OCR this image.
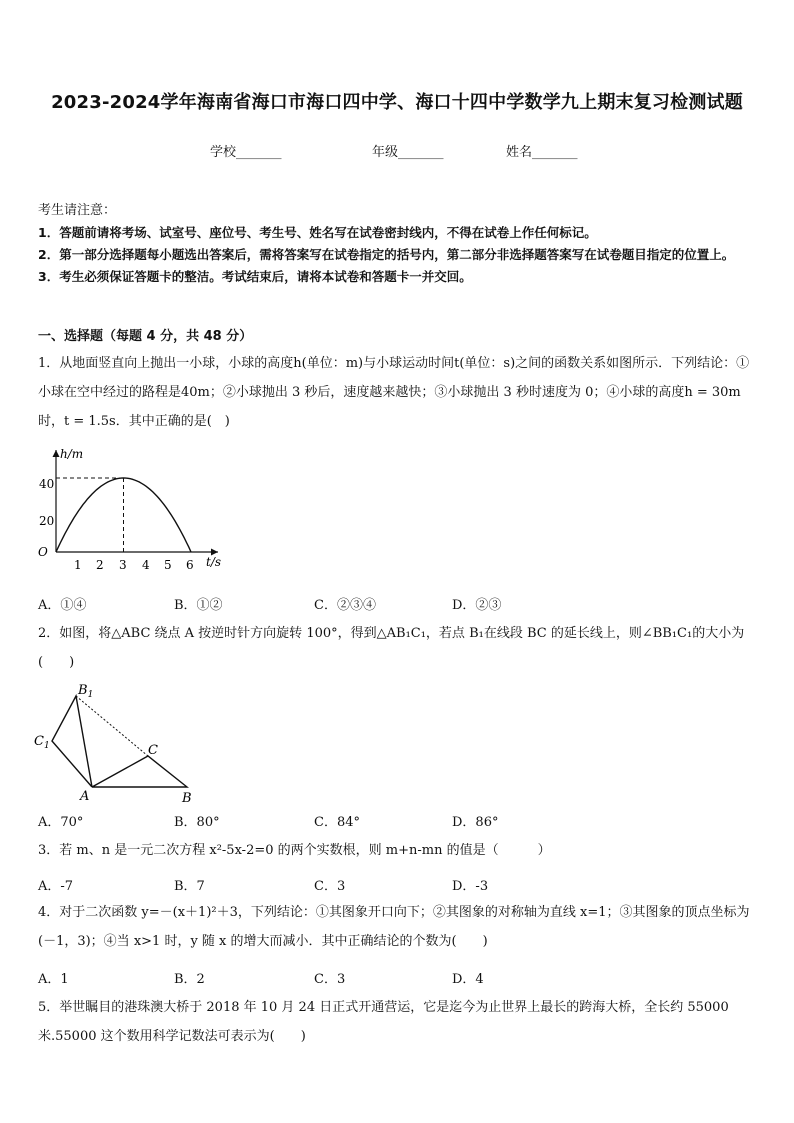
2023-2024学年海南省海口市海口四中学、海口十四中学数学九上期末复习检测试题
学校_______	年级_______	姓名_______
考生请注意：
1．答题前请将考场、试室号、座位号、考生号、姓名写在试卷密封线内，不得在试卷上作任何标记。
2．第一部分选择题每小题选出答案后，需将答案写在试卷指定的括号内，第二部分非选择题答案写在试卷题目指定的位置上。
3．考生必须保证答题卡的整洁。考试结束后，请将本试卷和答题卡一并交回。
一、选择题（每题 4 分，共 48 分）
1．从地面竖直向上抛出一小球，小球的高度h(单位：m)与小球运动时间t(单位：s)之间的函数关系如图所示．下列结论：①小球在空中经过的路程是40m；②小球抛出 3 秒后，速度越来越快；③小球抛出 3 秒时速度为 0；④小球的高度h = 30m时，t = 1.5s．其中正确的是(　)
h/m
t/s
O
20
40
1 2 3 4 5 6
A．①④	B．①②	C．②③④	D．②③
2．如图，将△ABC 绕点 A 按逆时针方向旋转 100°，得到△AB₁C₁，若点 B₁在线段 BC 的延长线上，则∠BB₁C₁的大小为(　　)
$B_1$
$C_1$	C
A	B
A．70°	B．80°	C．84°	D．86°
3．若 m、n 是一元二次方程 x²-5x-2=0 的两个实数根，则 m+n-mn 的值是（　　　）
A．-7	B．7	C．3	D．-3
4．对于二次函数 y=－(x＋1)²＋3，下列结论：①其图象开口向下；②其图象的对称轴为直线 x=1；③其图象的顶点坐标为(－1，3)；④当 x>1 时，y 随 x 的增大而减小．其中正确结论的个数为(　　)
A．1	B．2	C．3	D．4
5．举世瞩目的港珠澳大桥于 2018 年 10 月 24 日正式开通营运，它是迄今为止世界上最长的跨海大桥，全长约 55000 米.55000 这个数用科学记数法可表示为(　　)
